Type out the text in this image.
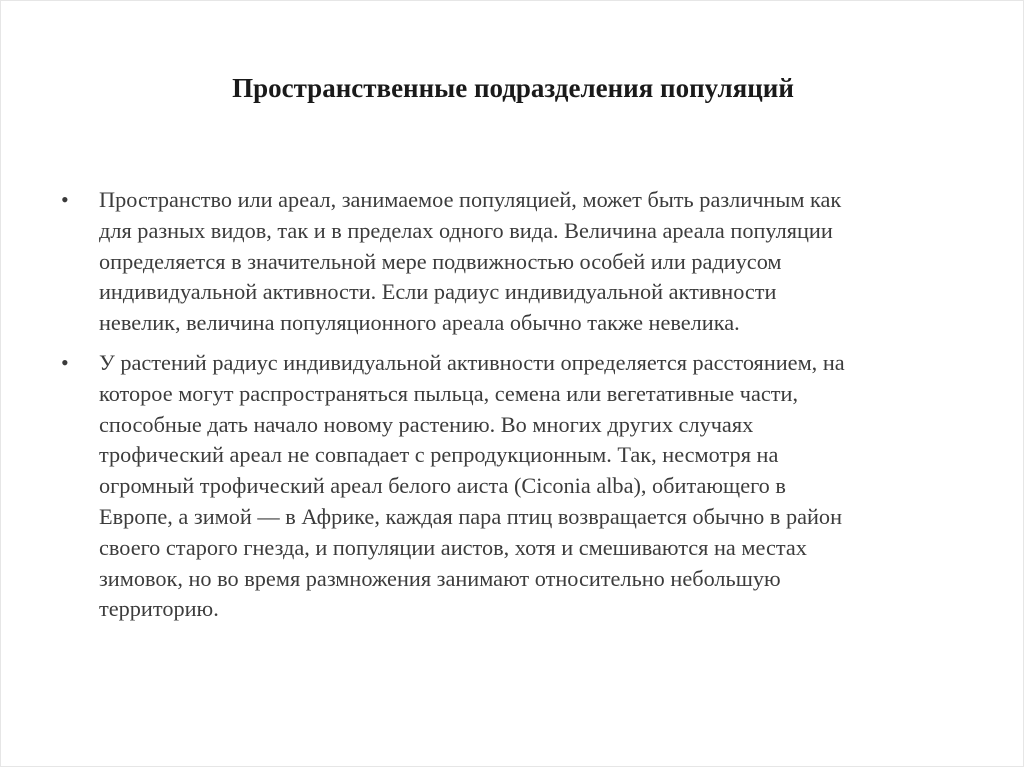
Пространственные подразделения популяций
• Пространство или ареал, занимаемое популяцией, может быть различным как
для разных видов, так и в пределах одного вида. Величина ареала популяции
определяется в значительной мере подвижностью особей или радиусом
индивидуальной активности. Если радиус индивидуальной активности
невелик, величина популяционного ареала обычно также невелика.
• У растений радиус индивидуальной активности определяется расстоянием, на
которое могут распространяться пыльца, семена или вегетативные части,
способные дать начало новому растению. Во многих других случаях
трофический ареал не совпадает с репродукционным. Так, несмотря на
огромный трофический ареал белого аиста (Ciconia alba), обитающего в
Европе, а зимой — в Африке, каждая пара птиц возвращается обычно в район
своего старого гнезда, и популяции аистов, хотя и смешиваются на местах
зимовок, но во время размножения занимают относительно небольшую
территорию.
